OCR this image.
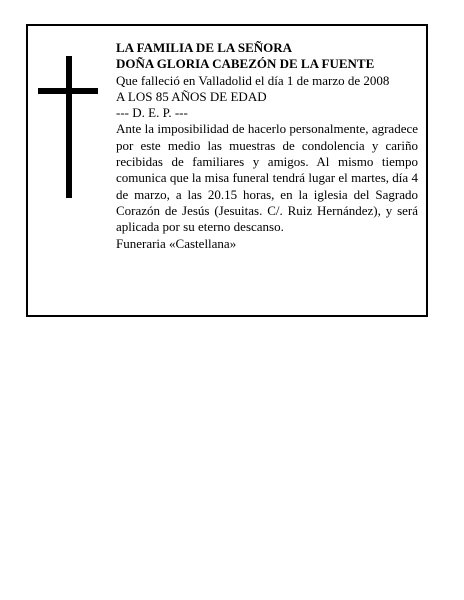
LA FAMILIA DE LA SEÑORA
DOÑA GLORIA CABEZÓN DE LA FUENTE
Que falleció en Valladolid el día 1 de marzo de 2008
A LOS 85 AÑOS DE EDAD
--- D. E. P. ---
Ante la imposibilidad de hacerlo personalmente, agradece por este medio las muestras de condolencia y cariño recibidas de familiares y amigos. Al mismo tiempo comunica que la misa funeral tendrá lugar el martes, día 4 de marzo, a las 20.15 horas, en la iglesia del Sagrado Corazón de Jesús (Jesuitas. C/. Ruiz Hernández), y será aplicada por su eterno descanso.
Funeraria «Castellana»
